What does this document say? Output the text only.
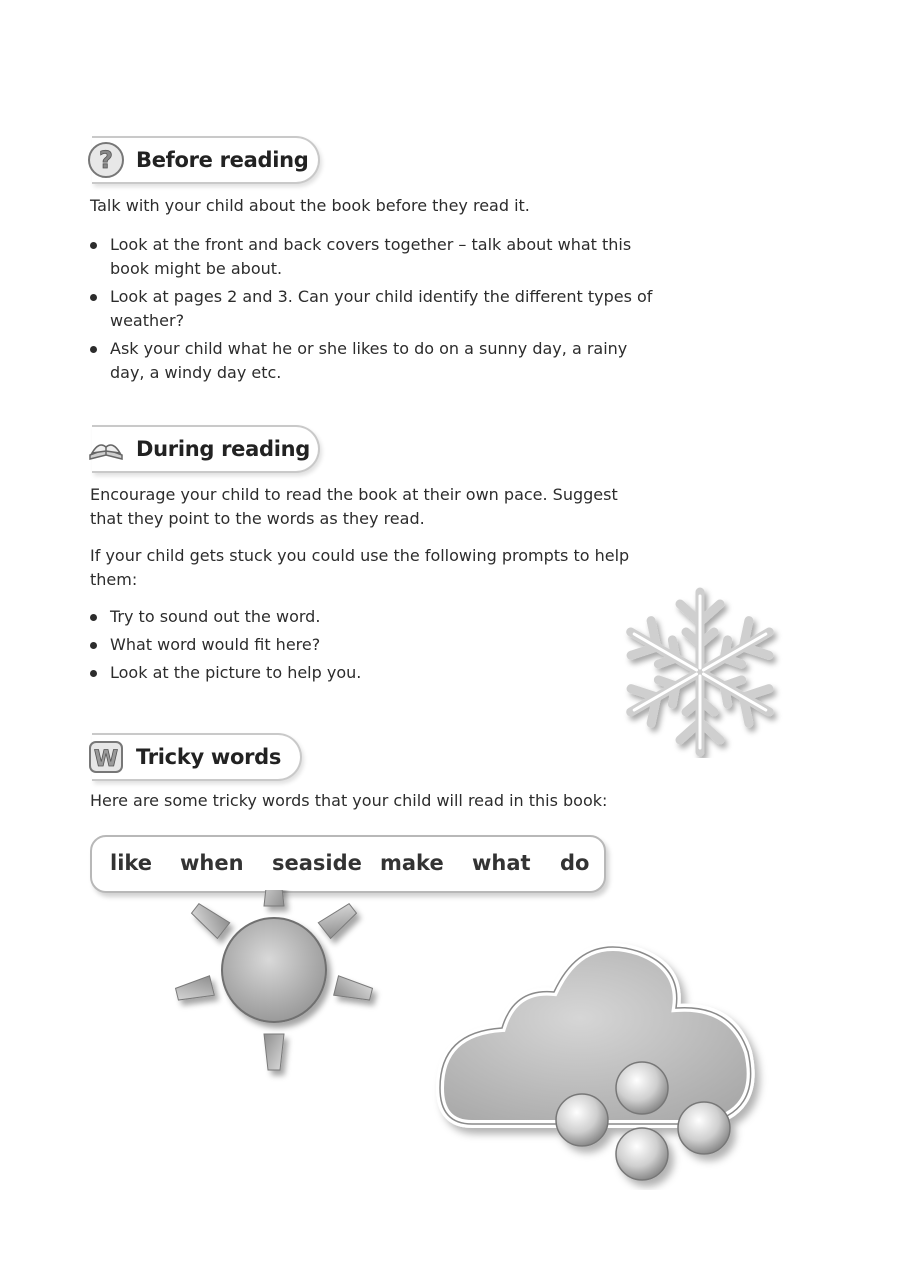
? Before reading

Talk with your child about the book before they read it.

Look at the front and back covers together – talk about what this book might be about.
Look at pages 2 and 3. Can your child identify the different types of weather?
Ask your child what he or she likes to do on a sunny day, a rainy day, a windy day etc.
During reading

Encourage your child to read the book at their own pace. Suggest that they point to the words as they read.

If your child gets stuck you could use the following prompts to help them:

Try to sound out the word.
What word would fit here?
Look at the picture to help you.
W Tricky words

Here are some tricky words that your child will read in this book:

like when seaside make what do
